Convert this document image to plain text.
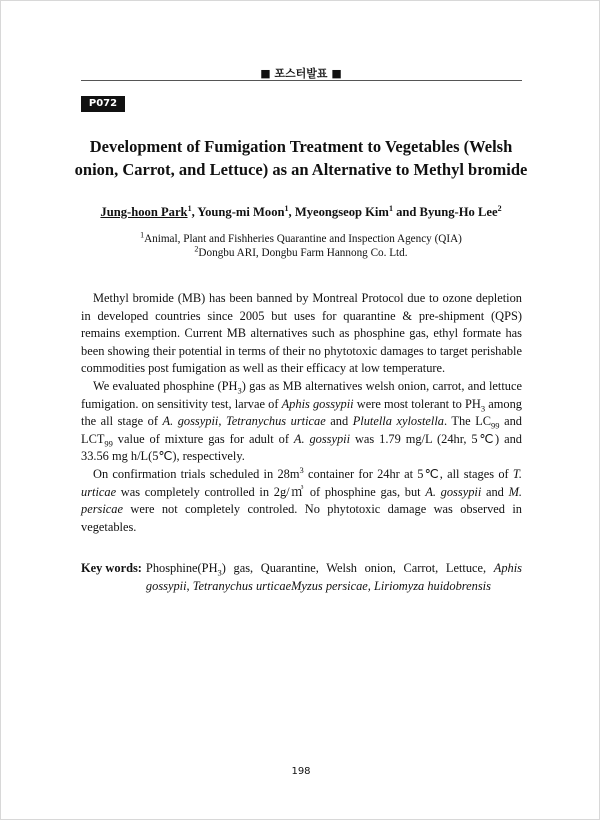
■ 포스터발표 ■
P072
Development of Fumigation Treatment to Vegetables (Welsh onion, Carrot, and Lettuce) as an Alternative to Methyl bromide
Jung-hoon Park$^1$, Young-mi Moon$^1$, Myeongseop Kim$^1$ and Byung-Ho Lee$^2$
$^1$Animal, Plant and Fishheries Quarantine and Inspection Agency (QIA)
$^2$Dongbu ARI, Dongbu Farm Hannong Co. Ltd.

Methyl bromide (MB) has been banned by Montreal Protocol due to ozone depletion in developed countries since 2005 but uses for quarantine & pre-shipment (QPS) remains exemption. Current MB alternatives such as phosphine gas, ethyl formate has been showing their potential in terms of their no phytotoxic damages to target perishable commodities post fumigation as well as their efficacy at low temperature.

We evaluated phosphine $(PH_3)$ gas as MB alternatives welsh onion, carrot, and lettuce fumigation. on sensitivity test, larvae of Aphis gossypii were most tolerant to $PH_3$ among the all stage of A. gossypii, Tetranychus urticae and Plutella xylostella. The $LC_{99}$ and $LCT_{99}$ value of mixture gas for adult of A. gossypii was 1.79 mg/L (24hr, 5℃) and 33.56 mg h/L(5℃), respectively.

On confirmation trials scheduled in $28m^3$ container for 24hr at 5℃, all stages of T. urticae was completely controlled in 2g/㎥ of phosphine gas, but A. gossypii and M. persicae were not completely controled. No phytotoxic damage was observed in vegetables.

Key words: $Phosphine(PH_3)$ gas, Quarantine, Welsh onion, Carrot, Lettuce, Aphis gossypii, Tetranychus urticaeMyzus persicae, Liriomyza huidobrensis
198
